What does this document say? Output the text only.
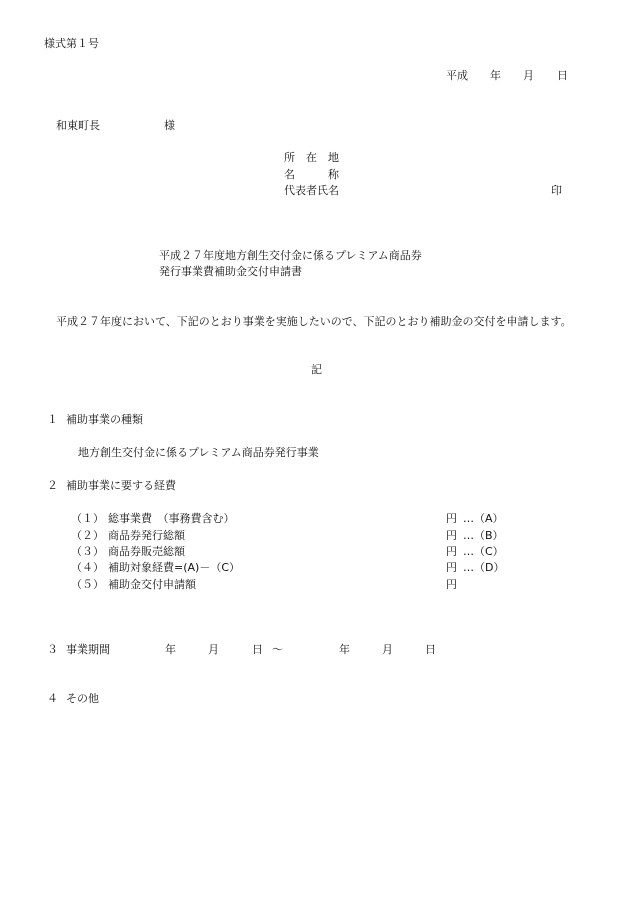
様式第１号
平成 年 月 日
和東町長	様
所　在　地
名　　　称
代表者氏名	印
平成２７年度地方創生交付金に係るプレミアム商品券
発行事業費補助金交付申請書
平成２７年度において、下記のとおり事業を実施したいので、下記のとおり補助金の交付を申請します。
記
１ 補助事業の種類
地方創生交付金に係るプレミアム商品券発行事業
２ 補助事業に要する経費
（１） 総事業費　（事務費含む）	円 …（A）
（２） 商品券発行総額	円 …（B）
（３） 商品券販売総額	円 …（C）
（４） 補助対象経費=(A)－（C）	円 …（D）
（５） 補助金交付申請額	円
３ 事業期間	年	月	日 ～	年	月	日
４ その他
